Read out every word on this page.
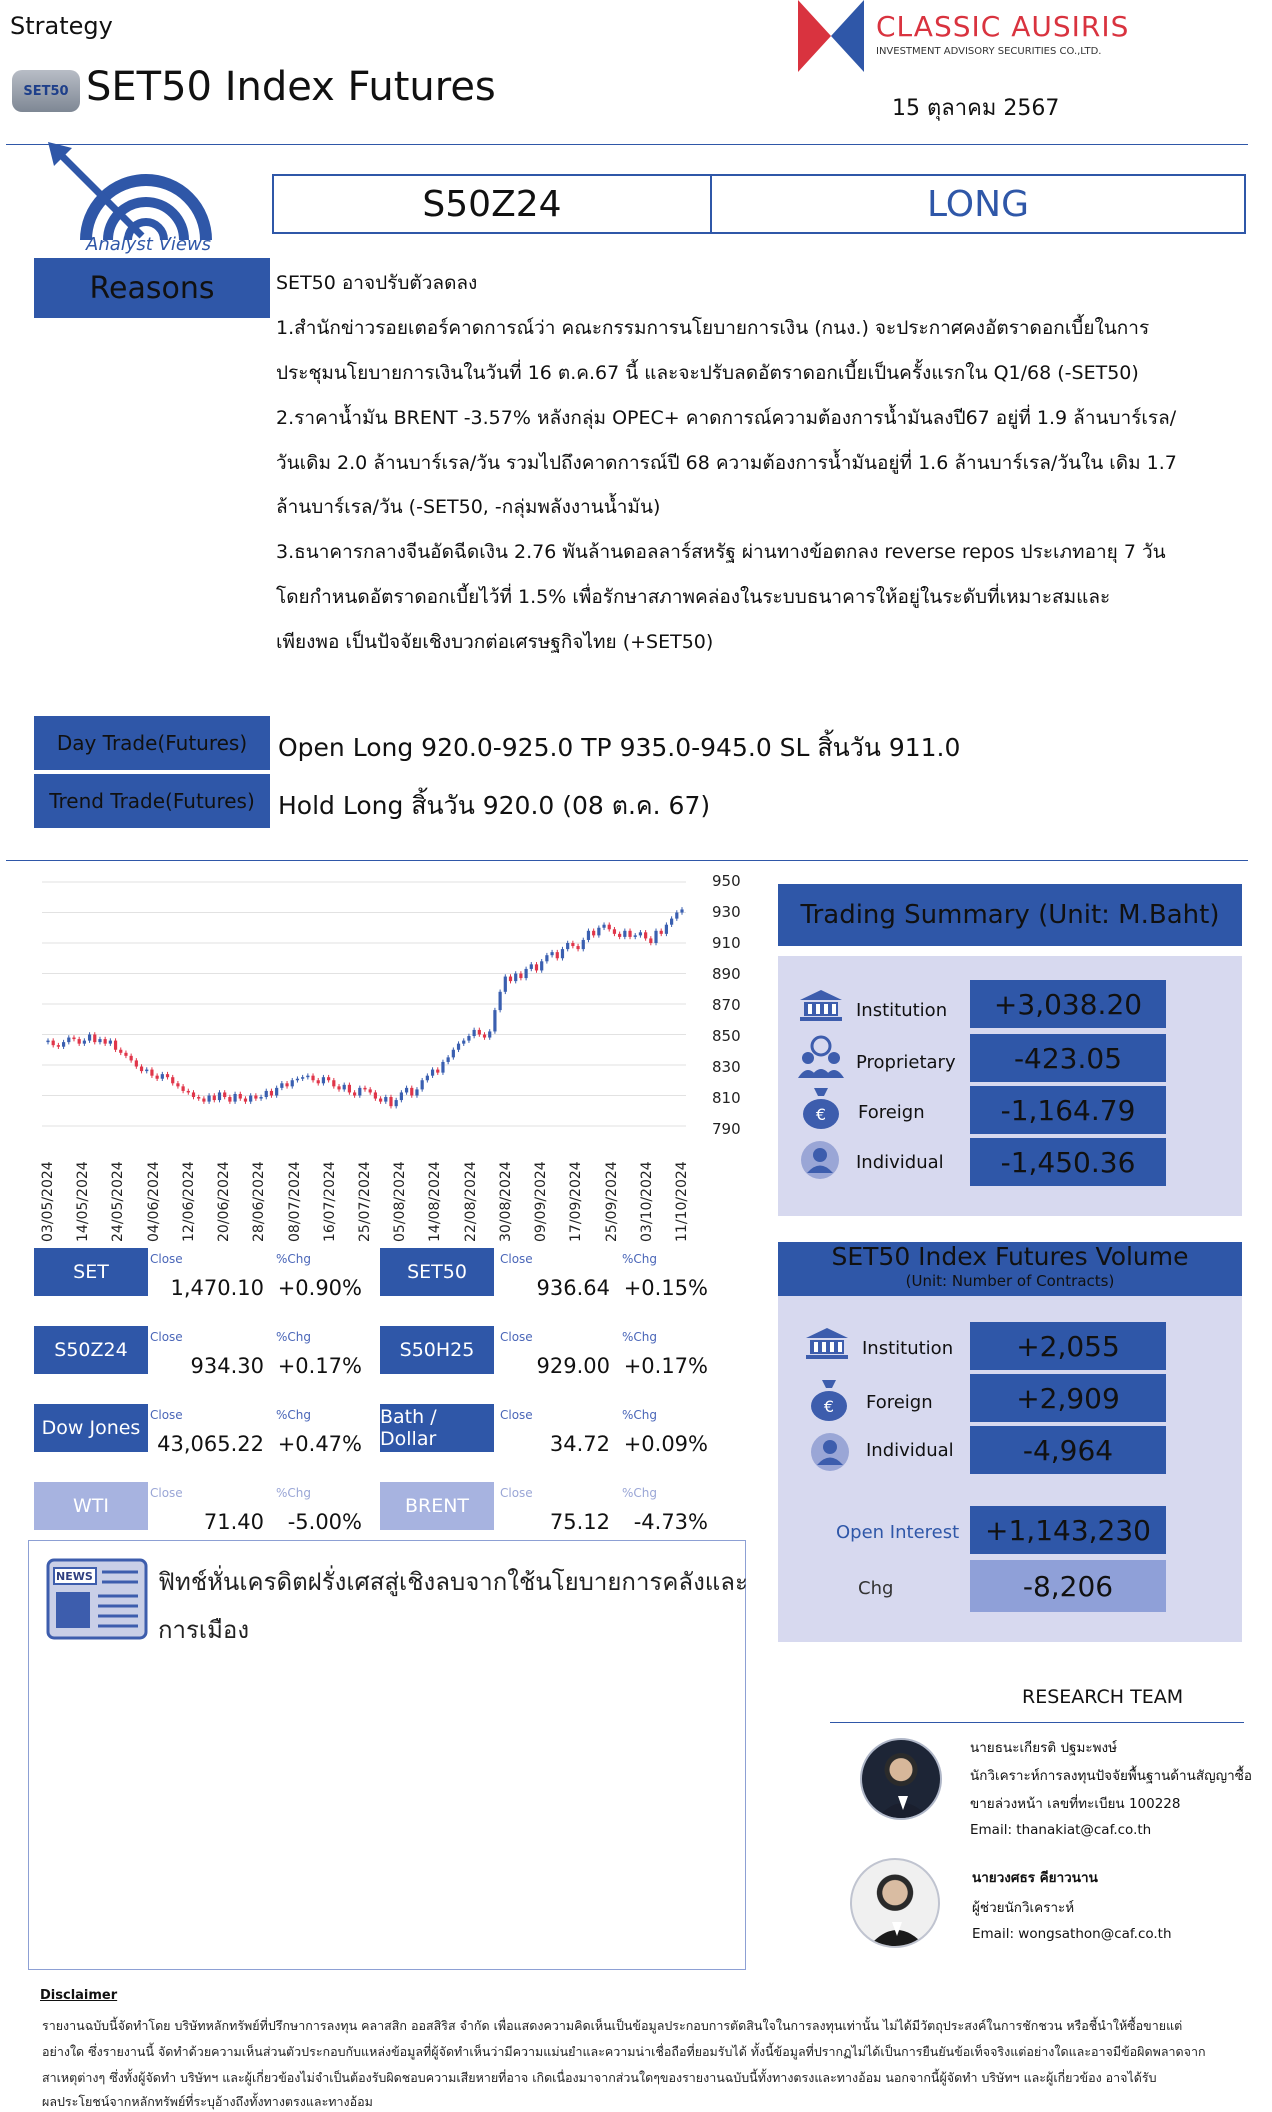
Strategy
SET50 SET50 Index Futures
CLASSIC AUSIRIS
INVESTMENT ADVISORY SECURITIES CO.,LTD.
15 ตุลาคม 2567
Analyst Views
S50Z24	LONG
Reasons	SET50 อาจปรับตัวลดลง
1.สำนักข่าวรอยเตอร์คาดการณ์ว่า คณะกรรมการนโยบายการเงิน (กนง.) จะประกาศคงอัตราดอกเบี้ยในการ
ประชุมนโยบายการเงินในวันที่ 16 ต.ค.67 นี้ และจะปรับลดอัตราดอกเบี้ยเป็นครั้งแรกใน Q1/68 (-SET50)
2.ราคาน้ำมัน BRENT -3.57% หลังกลุ่ม OPEC+ คาดการณ์ความต้องการน้ำมันลงปี67 อยู่ที่ 1.9 ล้านบาร์เรล/
วันเดิม 2.0 ล้านบาร์เรล/วัน รวมไปถึงคาดการณ์ปี 68 ความต้องการน้ำมันอยู่ที่ 1.6 ล้านบาร์เรล/วันใน เดิม 1.7
ล้านบาร์เรล/วัน (-SET50, -กลุ่มพลังงานน้ำมัน)
3.ธนาคารกลางจีนอัดฉีดเงิน 2.76 พันล้านดอลลาร์สหรัฐ ผ่านทางข้อตกลง reverse repos ประเภทอายุ 7 วัน
โดยกำหนดอัตราดอกเบี้ยไว้ที่ 1.5% เพื่อรักษาสภาพคล่องในระบบธนาคารให้อยู่ในระดับที่เหมาะสมและ
เพียงพอ เป็นปัจจัยเชิงบวกต่อเศรษฐกิจไทย (+SET50)
Day Trade(Futures)	Open Long 920.0-925.0 TP 935.0-945.0 SL สิ้นวัน 911.0
Trend Trade(Futures) Hold Long สิ้นวัน 920.0 (08 ต.ค. 67)
950
930
910
890
870
850
830
810
790
03/05/2024 14/05/2024 24/05/2024 04/06/2024 12/06/2024 20/06/2024 28/06/2024 08/07/2024 16/07/2024 25/07/2024 05/08/2024 14/08/2024 22/08/2024 30/08/2024 09/09/2024 17/09/2024 25/09/2024 03/10/2024 11/10/2024
SET
Close	%Chg
1,470.10 +0.90%
SET50
Close	%Chg
936.64 +0.15%
S50Z24
Close	%Chg
934.30 +0.17%
S50H25
Close	%Chg
929.00 +0.17%
Dow Jones
Close	%Chg
43,065.22 +0.47%
Bath / Dollar
Close	%Chg
34.72 +0.09%
WTI
Close	%Chg
71.40	-5.00%
BRENT
Close	%Chg
75.12	-4.73%
NEWS	ฟิทช์หั่นเครดิตฝรั่งเศสสู่เชิงลบจากใช้นโยบายการคลังและ
การเมือง
Trading Summary (Unit: M.Baht)
Institution	+3,038.20
Proprietary	-423.05
€ Foreign	-1,164.79
Individual	-1,450.36
SET50 Index Futures Volume
(Unit: Number of Contracts)
Institution	+2,055
€ Foreign	+2,909
Individual	-4,964
Open Interest +1,143,230
Chg	-8,206
RESEARCH TEAM
นายธนะเกียรติ ปฐมะพงษ์
นักวิเคราะห์การลงทุนปัจจัยพื้นฐานด้านสัญญาซื้อ
ขายล่วงหน้า เลขที่ทะเบียน 100228
Email: thanakiat@caf.co.th
นายวงศธร คียาวนาน
ผู้ช่วยนักวิเคราะห์
Email: wongsathon@caf.co.th
Disclaimer
รายงานฉบับนี้จัดทำโดย บริษัทหลักทรัพย์ที่ปรึกษาการลงทุน คลาสสิก ออสสิริส จำกัด เพื่อแสดงความคิดเห็นเป็นข้อมูลประกอบการตัดสินใจในการลงทุนเท่านั้น ไม่ได้มีวัตถุประสงค์ในการชักชวน หรือชี้นำให้ซื้อขายแต่
อย่างใด ซึ่งรายงานนี้ จัดทำด้วยความเห็นส่วนตัวประกอบกับแหล่งข้อมูลที่ผู้จัดทำเห็นว่ามีความแม่นยำและความน่าเชื่อถือที่ยอมรับได้ ทั้งนี้ข้อมูลที่ปรากฏไม่ได้เป็นการยืนยันข้อเท็จจริงแต่อย่างใดและอาจมีข้อผิดพลาดจาก
สาเหตุต่างๆ ซึ่งทั้งผู้จัดทำ บริษัทฯ และผู้เกี่ยวข้องไม่จำเป็นต้องรับผิดชอบความเสียหายที่อาจ เกิดเนื่องมาจากส่วนใดๆของรายงานฉบับนี้ทั้งทางตรงและทางอ้อม นอกจากนี้ผู้จัดทำ บริษัทฯ และผู้เกี่ยวข้อง อาจได้รับ
ผลประโยชน์จากหลักทรัพย์ที่ระบุอ้างถึงทั้งทางตรงและทางอ้อม
